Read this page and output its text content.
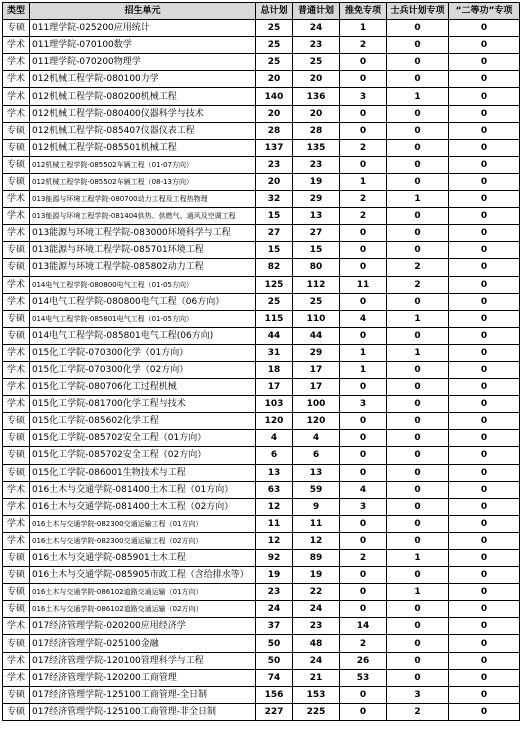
类型	招生单元	总计划	普通计划	推免专项	士兵计划专项	“二等功”专项
专硕	011理学院-025200应用统计	25	24	1	0	0
学术	011理学院-070100数学	25	23	2	0	0
学术	011理学院-070200物理学	25	25	0	0	0
学术	012机械工程学院-080100力学	20	20	0	0	0
学术	012机械工程学院-080200机械工程	140	136	3	1	0
学术	012机械工程学院-080400仪器科学与技术	20	20	0	0	0
专硕	012机械工程学院-085407仪器仪表工程	28	28	0	0	0
专硕	012机械工程学院-085501机械工程	137	135	2	0	0
专硕	012机械工程学院-085502车辆工程（01-07方向）	23	23	0	0	0
专硕	012机械工程学院-085502车辆工程（08-13方向）	20	19	1	0	0
学术	013能源与环境工程学院-080700动力工程及工程热物理	32	29	2	1	0
学术	013能源与环境工程学院-081404供热、供燃气、通风及空调工程	15	13	2	0	0
学术	013能源与环境工程学院-083000环境科学与工程	27	27	0	0	0
专硕	013能源与环境工程学院-085701环境工程	15	15	0	0	0
专硕	013能源与环境工程学院-085802动力工程	82	80	0	2	0
学术	014电气工程学院-080800电气工程（01-05方向）	125	112	11	2	0
学术	014电气工程学院-080800电气工程（06方向）	25	25	0	0	0
专硕	014电气工程学院-085801电气工程（01-05方向）	115	110	4	1	0
专硕	014电气工程学院-085801电气工程(06方向)	44	44	0	0	0
学术	015化工学院-070300化学（01方向）	31	29	1	1	0
学术	015化工学院-070300化学（02方向）	18	17	1	0	0
学术	015化工学院-080706化工过程机械	17	17	0	0	0
学术	015化工学院-081700化学工程与技术	103	100	3	0	0
专硕	015化工学院-085602化学工程	120	120	0	0	0
专硕	015化工学院-085702安全工程（01方向）	4	4	0	0	0
专硕	015化工学院-085702安全工程（02方向）	6	6	0	0	0
专硕	015化工学院-086001生物技术与工程	13	13	0	0	0
学术	016土木与交通学院-081400土木工程（01方向）	63	59	4	0	0
学术	016土木与交通学院-081400土木工程（02方向）	12	9	3	0	0
学术	016土木与交通学院-082300交通运输工程（01方向）	11	11	0	0	0
学术	016土木与交通学院-082300交通运输工程（02方向）	12	12	0	0	0
专硕	016土木与交通学院-085901土木工程	92	89	2	1	0
专硕	016土木与交通学院-085905市政工程（含给排水等）	19	19	0	0	0
专硕	016土木与交通学院-086102道路交通运输（01方向）	23	22	0	1	0
专硕	016土木与交通学院-086102道路交通运输（02方向）	24	24	0	0	0
学术	017经济管理学院-020200应用经济学	37	23	14	0	0
专硕	017经济管理学院-025100金融	50	48	2	0	0
学术	017经济管理学院-120100管理科学与工程	50	24	26	0	0
学术	017经济管理学院-120200工商管理	74	21	53	0	0
专硕	017经济管理学院-125100工商管理-全日制	156	153	0	3	0
专硕	017经济管理学院-125100工商管理-非全日制	227	225	0	2	0
